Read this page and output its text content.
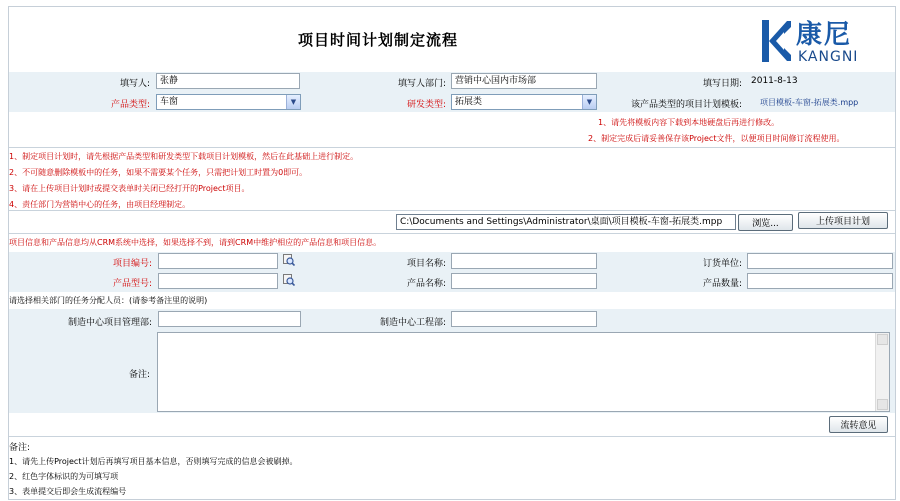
项目时间计划制定流程	康尼
KANGNI
填写人:	张静	填写人部门:	营销中心国内市场部	填写日期:	2011-8-13
产品类型:	车窗	▼	研发类型:	拓展类	▼	该产品类型的项目计划模板: 项目模板-车窗-拓展类.mpp
1、请先将模板内容下载到本地硬盘后再进行修改。
2、制定完成后请妥善保存该Project文件，以便项目时间修订流程使用。
1、制定项目计划时，请先根据产品类型和研发类型下载项目计划模板，然后在此基础上进行制定。
2、不可随意删除模板中的任务，如果不需要某个任务，只需把计划工时置为0即可。
3、请在上传项目计划时或提交表单时关闭已经打开的Project项目。
4、责任部门为营销中心的任务，由项目经理制定。
C:\Documents and Settings\Administrator\桌面\项目模板-车窗-拓展类.mpp	浏览...	上传项目计划
项目信息和产品信息均从CRM系统中选择，如果选择不到，请到CRM中维护相应的产品信息和项目信息。
项目编号:	项目名称:	订货单位:
产品型号:	产品名称:	产品数量:
请选择相关部门的任务分配人员：(请参考备注里的说明)
制造中心项目管理部:	制造中心工程部:
备注:
流转意见
备注:
1、请先上传Project计划后再填写项目基本信息，否则填写完成的信息会被刷掉。
2、红色字体标识的为可填写项
3、表单提交后即会生成流程编号
